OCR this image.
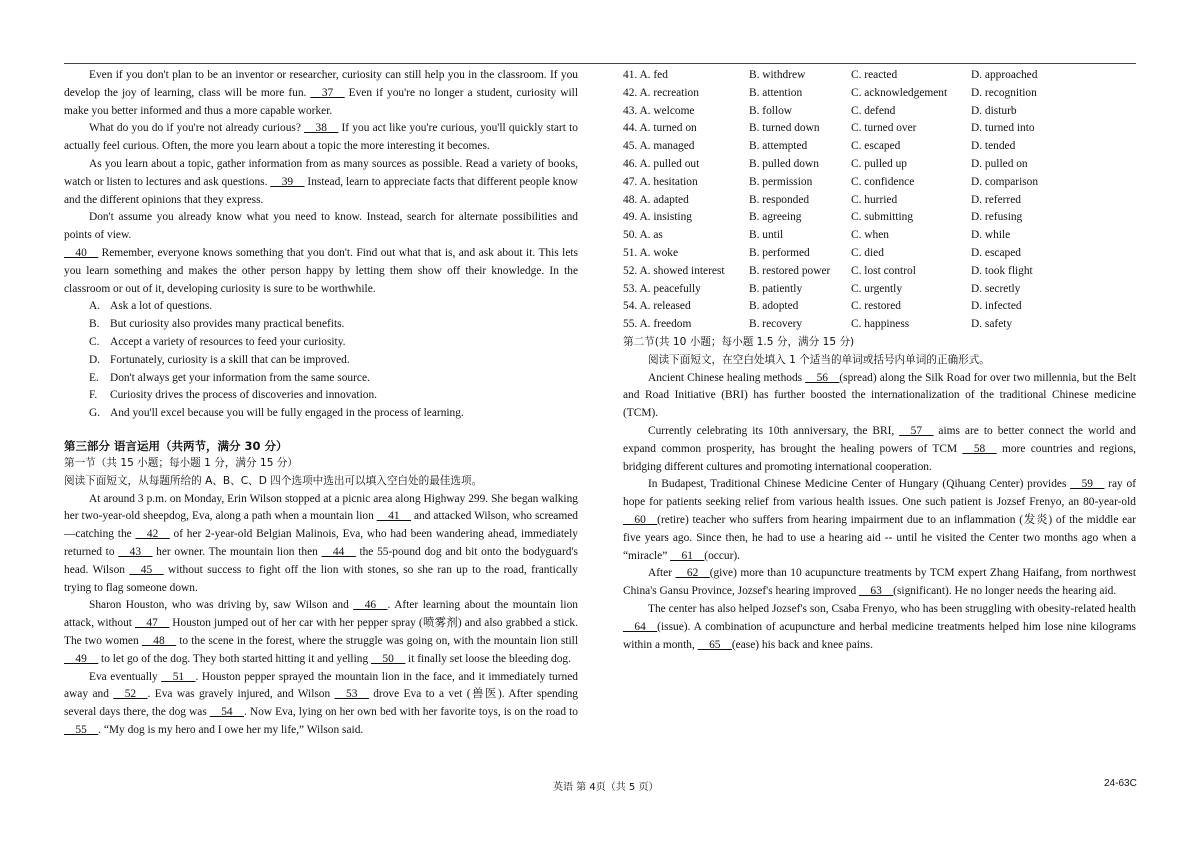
Even if you don't plan to be an inventor or researcher, curiosity can still help you in the classroom. If you develop the joy of learning, class will be more fun. __37__ Even if you're no longer a student, curiosity will make you better informed and thus a more capable worker.

What do you do if you're not already curious? __38__ If you act like you're curious, you'll quickly start to actually feel curious. Often, the more you learn about a topic the more interesting it becomes.

As you learn about a topic, gather information from as many sources as possible. Read a variety of books, watch or listen to lectures and ask questions. __39__ Instead, learn to appreciate facts that different people know and the different opinions that they express.

Don't assume you already know what you need to know. Instead, search for alternate possibilities and points of view.

__40__ Remember, everyone knows something that you don't. Find out what that is, and ask about it. This lets you learn something and makes the other person happy by letting them show off their knowledge. In the classroom or out of it, developing curiosity is sure to be worthwhile.

A. Ask a lot of questions.
B. But curiosity also provides many practical benefits.
C. Accept a variety of resources to feed your curiosity.
D. Fortunately, curiosity is a skill that can be improved.
E. Don't always get your information from the same source.
F.	Curiosity drives the process of discoveries and innovation.
G. And you'll excel because you will be fully engaged in the process of learning.
第三部分 语言运用（共两节，满分 30 分）
第一节（共 15 小题；每小题 1 分，满分 15 分）
阅读下面短文，从每题所给的 A、B、C、D 四个选项中选出可以填入空白处的最佳选项。

At around 3 p.m. on Monday, Erin Wilson stopped at a picnic area along Highway 299. She began walking her two-year-old sheepdog, Eva, along a path when a mountain lion __41__ and attacked Wilson, who screamed—catching the __42__ of her 2-year-old Belgian Malinois, Eva, who had been wandering ahead, immediately returned to __43__ her owner. The mountain lion then __44__ the 55-pound dog and bit onto the bodyguard's head. Wilson __45__ without success to fight off the lion with stones, so she ran up to the road, frantically trying to flag someone down.

Sharon Houston, who was driving by, saw Wilson and __46__. After learning about the mountain lion attack, without __47__ Houston jumped out of her car with her pepper spray (喷雾剂) and also grabbed a stick. The two women __48__ to the scene in the forest, where the struggle was going on, with the mountain lion still __49__ to let go of the dog. They both started hitting it and yelling __50__ it finally set loose the bleeding dog.

Eva eventually __51__. Houston pepper sprayed the mountain lion in the face, and it immediately turned away and __52__. Eva was gravely injured, and Wilson __53__ drove Eva to a vet (兽医). After spending several days there, the dog was __54__. Now Eva, lying on her own bed with her favorite toys, is on the road to __55__. “My dog is my hero and I owe her my life,” Wilson said.

41. A. fed	B. withdrew	C. reacted	D. approached
42. A. recreation	B. attention	C. acknowledgement	D. recognition
43. A. welcome	B. follow	C. defend	D. disturb
44. A. turned on	B. turned down	C. turned over	D. turned into
45. A. managed	B. attempted	C. escaped	D. tended
46. A. pulled out	B. pulled down	C. pulled up	D. pulled on
47. A. hesitation	B. permission	C. confidence	D. comparison
48. A. adapted	B. responded	C. hurried	D. referred
49. A. insisting	B. agreeing	C. submitting	D. refusing
50. A. as	B. until	C. when	D. while
51. A. woke	B. performed	C. died	D. escaped
52. A. showed interest	B. restored power	C. lost control	D. took flight
53. A. peacefully	B. patiently	C. urgently	D. secretly
54. A. released	B. adopted	C. restored	D. infected
55. A. freedom	B. recovery	C. happiness	D. safety
第二节(共 10 小题；每小题 1.5 分，满分 15 分)
阅读下面短文，在空白处填入 1 个适当的单词或括号内单词的正确形式。

Ancient Chinese healing methods __56__(spread) along the Silk Road for over two millennia, but the Belt and Road Initiative (BRI) has further boosted the internationalization of the traditional Chinese medicine (TCM).

Currently celebrating its 10th anniversary, the BRI, __57__ aims are to better connect the world and expand common prosperity, has brought the healing powers of TCM __58__ more countries and regions, bridging different cultures and promoting international cooperation.

In Budapest, Traditional Chinese Medicine Center of Hungary (Qihuang Center) provides __59__ ray of hope for patients seeking relief from various health issues. One such patient is Jozsef Frenyo, an 80-year-old __60__(retire) teacher who suffers from hearing impairment due to an inflammation (发炎) of the middle ear five years ago. Since then, he had to use a hearing aid -- until he visited the Center two months ago when a “miracle” __61__(occur).

After __62__(give) more than 10 acupuncture treatments by TCM expert Zhang Haifang, from northwest China's Gansu Province, Jozsef's hearing improved __63__(significant). He no longer needs the hearing aid.

The center has also helped Jozsef's son, Csaba Frenyo, who has been struggling with obesity-related health __64__(issue). A combination of acupuncture and herbal medicine treatments helped him lose nine kilograms within a month, __65__(ease) his back and knee pains.

英语 第 4页（共 5 页）	24-63C
